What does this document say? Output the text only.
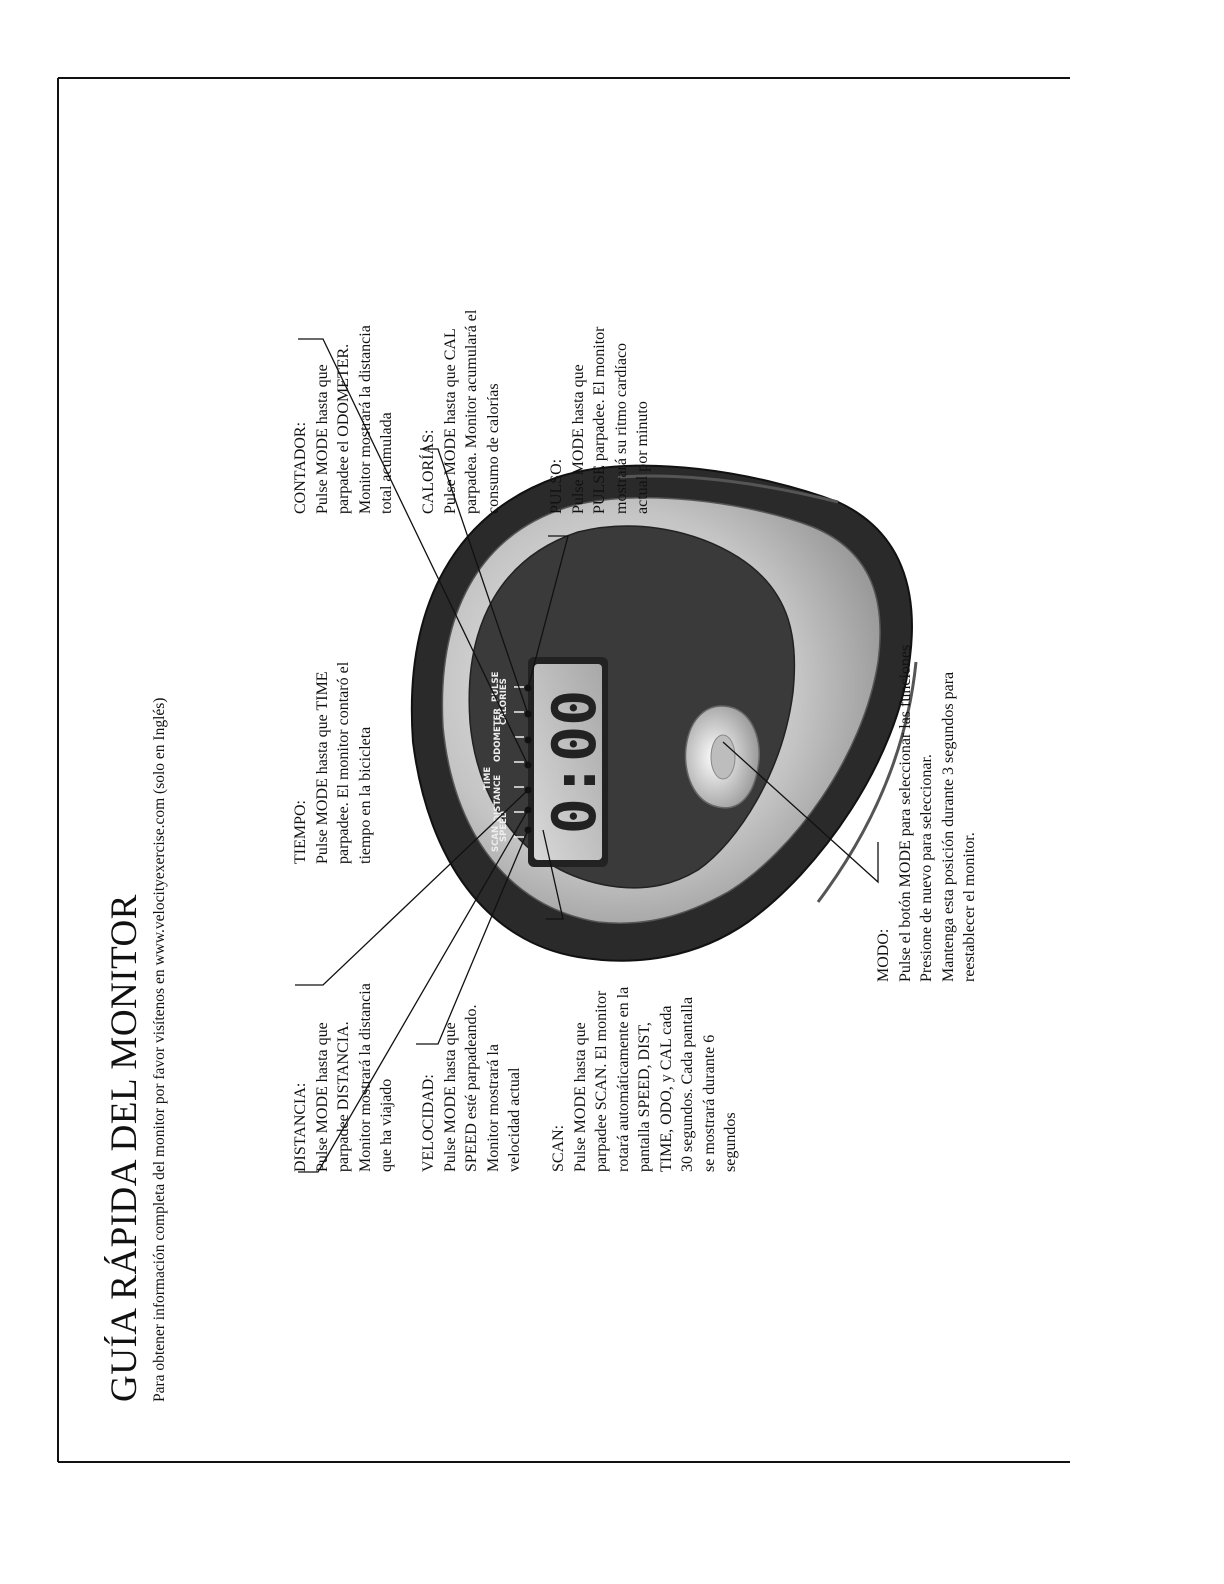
GUÍA RÁPIDA DEL MONITOR Para obtener información completa del monitor por favor visítenos en www.velocityexercise.com (solo en Inglés)	0:00
SCAN
SPEED
DISTANCE
TIME
ODOMETER
CALORIES
PULSE
DISTANCIA: Pulse MODE hasta que parpadee DISTANCIA. Monitor mostrará la distancia que ha viajado VELOCIDAD: Pulse MODE hasta que SPEED esté parpadeando. Monitor mostrará la velocidad actual SCAN: Pulse MODE hasta que parpadee SCAN. El monitor rotará automáticamente en la pantalla SPEED, DIST, TIME, ODO, y CAL cada 30 segundos. Cada pantalla se mostrará durante 6 segundos
TIEMPO: Pulse MODE hasta que TIME parpadee. El monitor contaró el tiempo en la bicicleta
CONTADOR: Pulse MODE hasta que parpadee el ODOMETER. Monitor mostrará la distancia total acumulada CALORÍAS: Pulse MODE hasta que CAL parpadea. Monitor acumulará el consumo de calorías	PULSO: Pulse MODE hasta que PULSE parpadee. El monitor mostrará su ritmo cardíaco actual por minuto
MODO: Pulse el botón MODE para seleccionar las funciones Presione de nuevo para seleccionar. Mantenga esta posición durante 3 segundos para reestablecer el monitor.
